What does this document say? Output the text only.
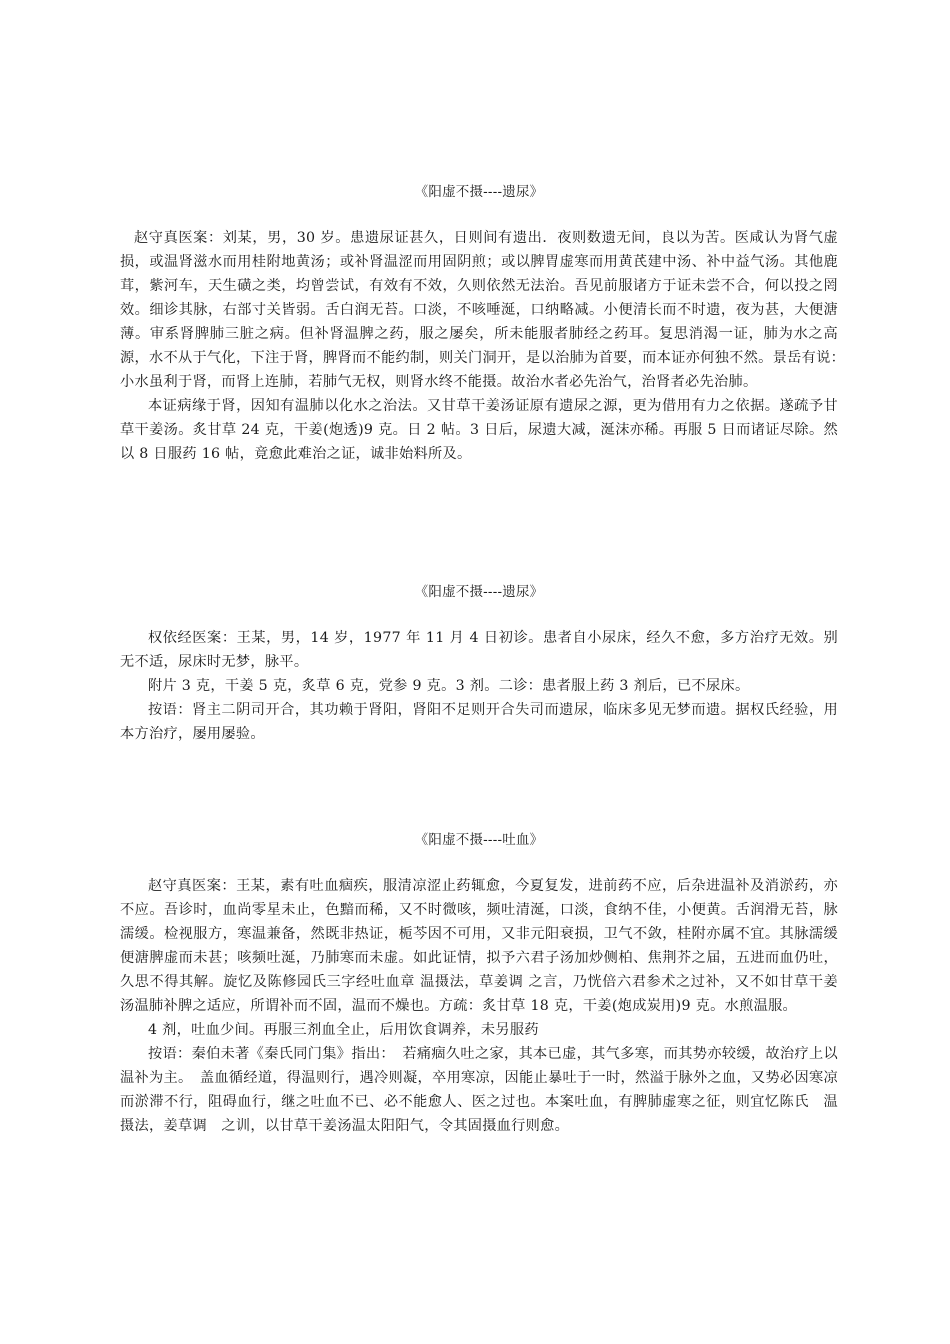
《阳虚不摄----遗尿》

赵守真医案：刘某，男，30 岁。患遗尿证甚久，日则间有遗出．夜则数遗无间，良以为苦。医咸认为肾气虚损，或温肾滋水而用桂附地黄汤；或补肾温涩而用固阴煎；或以脾胃虚寒而用黄芪建中汤、补中益气汤。其他鹿茸，紫河车，天生磺之类，均曾尝试，有效有不效，久则依然无法治。吾见前服诸方于证未尝不合，何以投之罔效。细诊其脉，右部寸关皆弱。舌白润无苔。口淡，不咳唾涎，口纳略减。小便清长而不时遗，夜为甚，大便溏薄。审系肾脾肺三脏之病。但补肾温脾之药，服之屡矣，所未能服者肺经之药耳。复思消渴一证，肺为水之高源，水不从于气化，下注于肾，脾肾而不能约制，则关门洞开，是以治肺为首要，而本证亦何独不然。景岳有说：　小水虽利于肾，而肾上连肺，若肺气无权，则肾水终不能摄。故治水者必先治气，治肾者必先治肺。

本证病缘于肾，因知有温肺以化水之治法。又甘草干姜汤证原有遗尿之源，更为借用有力之依据。遂疏予甘草干姜汤。炙甘草 24 克，干姜(炮透)9 克。日 2 帖。3 日后，尿遗大减，涎沫亦稀。再服 5 日而诸证尽除。然以 8 日服药 16 帖，竟愈此难治之证，诚非始料所及。

《阳虚不摄----遗尿》

权依经医案：王某，男，14 岁，1977 年 11 月 4 日初诊。患者自小尿床，经久不愈，多方治疗无效。别无不适，尿床时无梦，脉平。

附片 3 克，干姜 5 克，炙草 6 克，党参 9 克。3 剂。二诊：患者服上药 3 剂后，已不尿床。

按语：肾主二阴司开合，其功赖于肾阳，肾阳不足则开合失司而遗尿，临床多见无梦而遗。据权氏经验，用本方治疗，屡用屡验。

《阳虚不摄----吐血》

赵守真医案：王某，素有吐血痼疾，服清凉涩止药辄愈，今夏复发，进前药不应，后杂进温补及消淤药，亦不应。吾诊时，血尚零星未止，色黯而稀，又不时微咳，频吐清涎，口淡，食纳不佳，小便黄。舌润滑无苔，脉濡缓。检视服方，寒温兼备，然既非热证，栀芩因不可用，又非元阳衰损，卫气不敛，桂附亦属不宜。其脉濡缓便溏脾虚而未甚；咳频吐涎，乃肺寒而未虚。如此证情，拟予六君子汤加炒侧柏、焦荆芥之届，五进而血仍吐，久思不得其解。旋忆及陈修园氏三字经吐血章 温摄法，草姜调 之言，乃恍倍六君参术之过补，又不如甘草干姜汤温肺补脾之适应，所谓补而不固，温而不燥也。方疏：炙甘草 18 克，干姜(炮成炭用)9 克。水煎温服。

4 剂，吐血少间。再服三剂血全止，后用饮食调养，未另服药

按语：秦伯未著《秦氏同门集》指出：　若痛痼久吐之家，其本已虚，其气多寒，而其势亦较缓，故治疗上以温补为主。　盖血循经道，得温则行，遇冷则凝，卒用寒凉，因能止暴吐于一时，然溢于脉外之血，又势必因寒凉而淤滞不行，阻碍血行，继之吐血不已、必不能愈人、医之过也。本案吐血，有脾肺虚寒之征，则宜忆陈氏　温摄法，姜草调　之训，以甘草干姜汤温太阳阳气，令其固摄血行则愈。
